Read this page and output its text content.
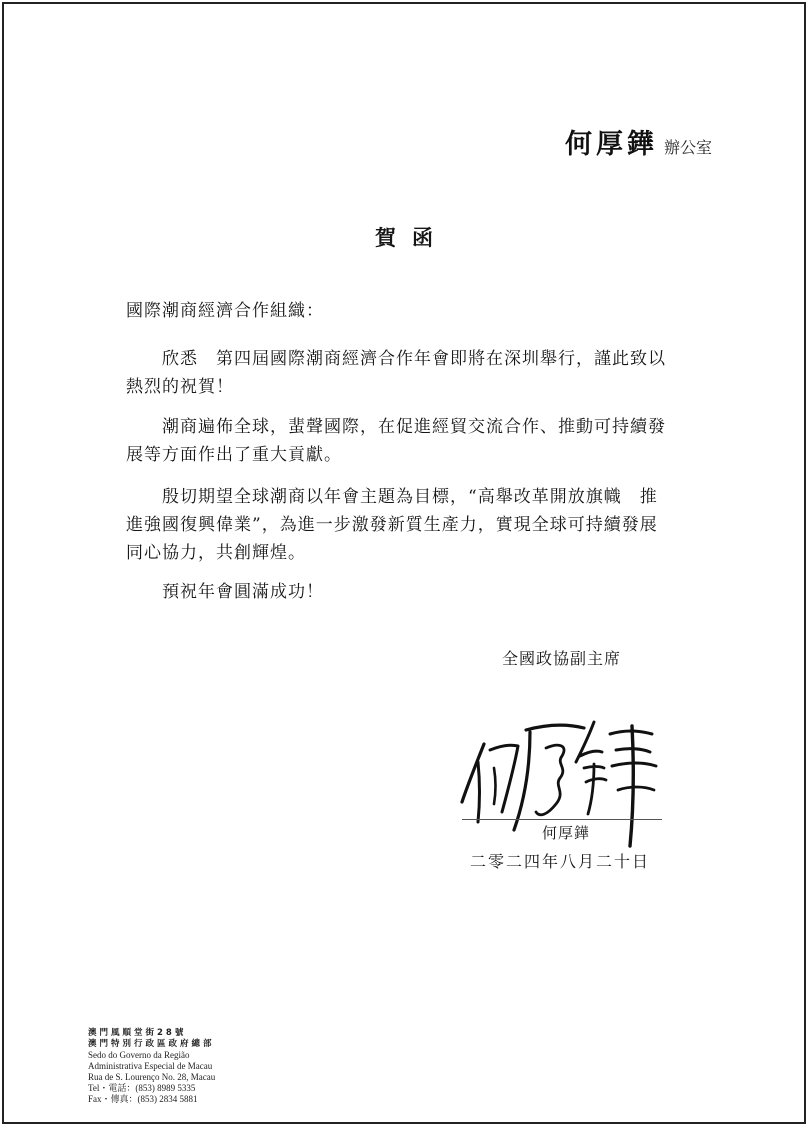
何厚鏵 辦公室
賀函
國際潮商經濟合作組織：

欣悉　第四屆國際潮商經濟合作年會即將在深圳舉行，謹此致以熱烈的祝賀！

潮商遍佈全球，蜚聲國際，在促進經貿交流合作、推動可持續發展等方面作出了重大貢獻。

殷切期望全球潮商以年會主題為目標，“高舉改革開放旗幟　推進強國復興偉業”，為進一步激發新質生產力，實現全球可持續發展同心協力，共創輝煌。

預祝年會圓滿成功！

全國政協副主席
何厚鏵
二零二四年八月二十日
澳門風順堂街28號
澳門特別行政區政府總部
Sedo do Governo da Região
Administrativa Especial de Macau
Rua de S. Lourenço No. 28, Macau
Tel・電話：(853) 8989 5335
Fax・傳真：(853) 2834 5881
